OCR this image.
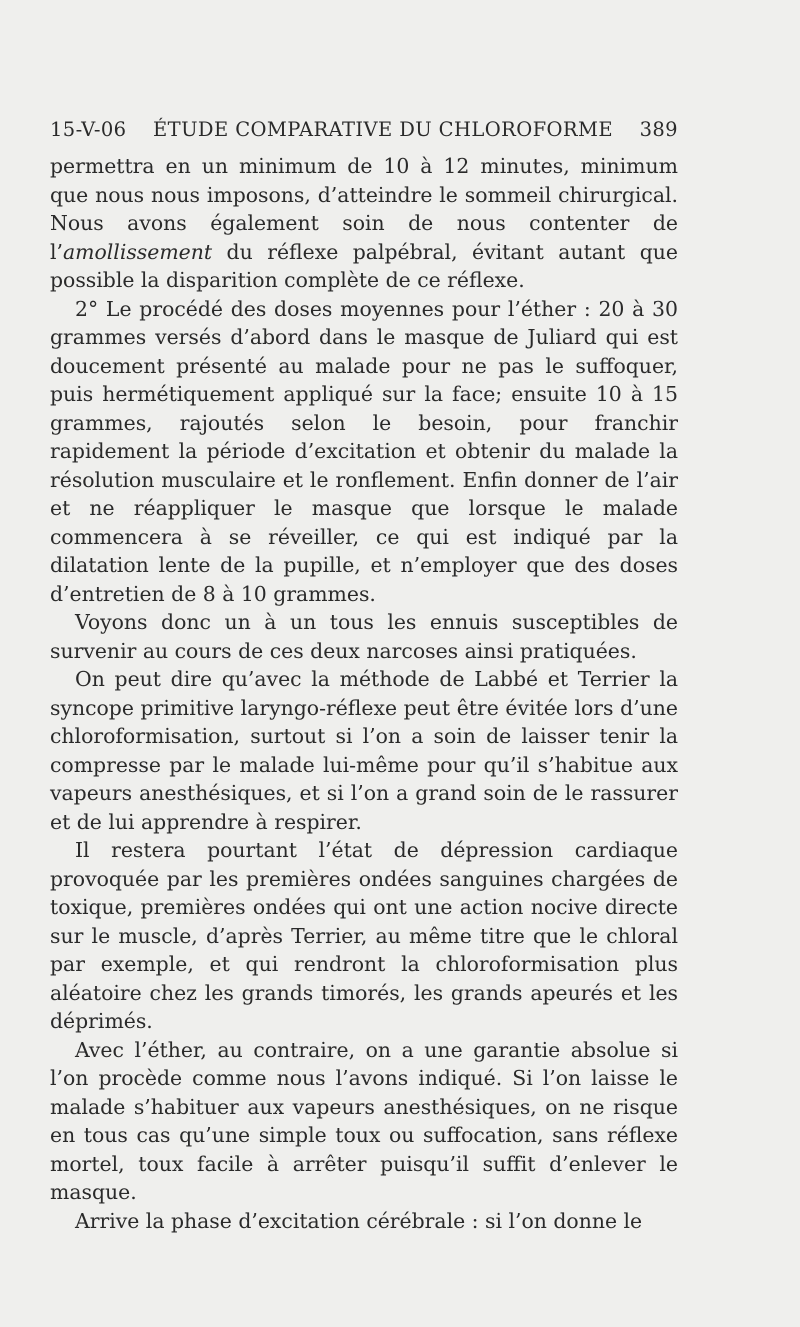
15-V-06 ÉTUDE COMPARATIVE DU CHLOROFORME 389

permettra en un minimum de 10 à 12 minutes, minimum que nous nous imposons, d’atteindre le sommeil chirurgical. Nous avons également soin de nous contenter de l’amollissement du réflexe palpébral, évitant autant que possible la disparition complète de ce réflexe.

2° Le procédé des doses moyennes pour l’éther : 20 à 30 grammes versés d’abord dans le masque de Juliard qui est doucement présenté au malade pour ne pas le suffoquer, puis hermétiquement appliqué sur la face; ensuite 10 à 15 grammes, rajoutés selon le besoin, pour franchir rapidement la période d’excitation et obtenir du malade la résolution musculaire et le ronflement. Enfin donner de l’air et ne réappliquer le masque que lorsque le malade commencera à se réveiller, ce qui est indiqué par la dilatation lente de la pupille, et n’employer que des doses d’entretien de 8 à 10 grammes.

Voyons donc un à un tous les ennuis susceptibles de survenir au cours de ces deux narcoses ainsi pratiquées.

On peut dire qu’avec la méthode de Labbé et Terrier la syncope primitive laryngo-réflexe peut être évitée lors d’une chloroformisation, surtout si l’on a soin de laisser tenir la compresse par le malade lui-même pour qu’il s’habitue aux vapeurs anesthésiques, et si l’on a grand soin de le rassurer et de lui apprendre à respirer.

Il restera pourtant l’état de dépression cardiaque provoquée par les premières ondées sanguines chargées de toxique, premières ondées qui ont une action nocive directe sur le muscle, d’après Terrier, au même titre que le chloral par exemple, et qui rendront la chloroformisation plus aléatoire chez les grands timorés, les grands apeurés et les déprimés.

Avec l’éther, au contraire, on a une garantie absolue si l’on procède comme nous l’avons indiqué. Si l’on laisse le malade s’habituer aux vapeurs anesthésiques, on ne risque en tous cas qu’une simple toux ou suffocation, sans réflexe mortel, toux facile à arrêter puisqu’il suffit d’enlever le masque.

Arrive la phase d’excitation cérébrale : si l’on donne le
